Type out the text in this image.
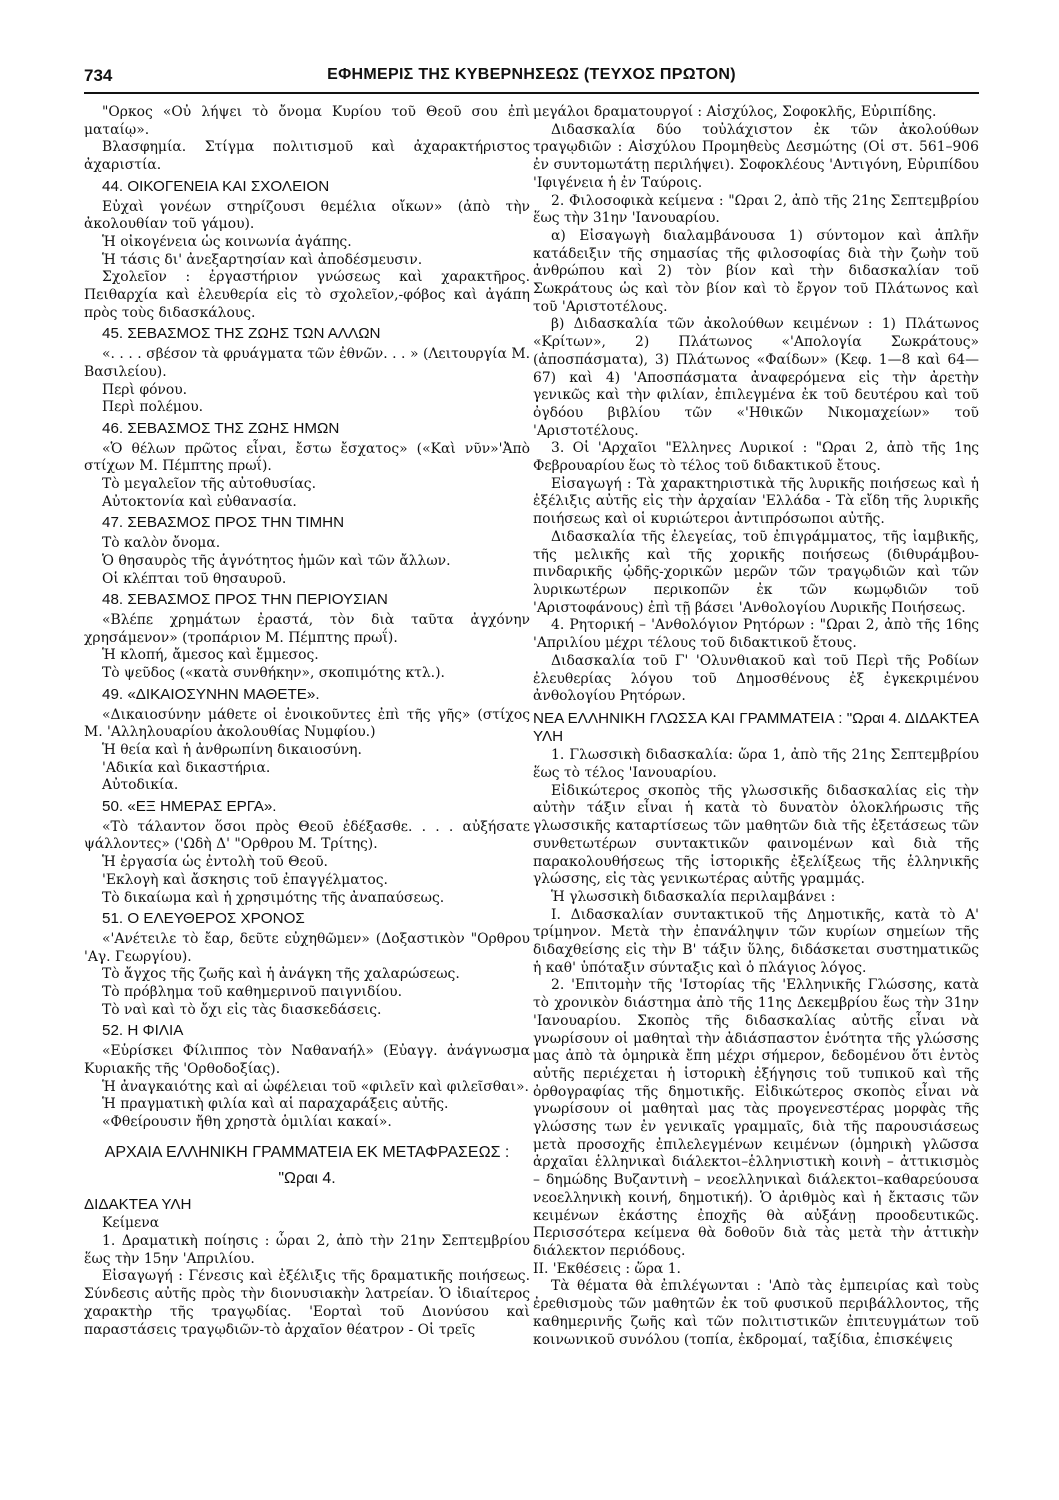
734	ΕΦΗΜΕΡΙΣ ΤΗΣ ΚΥΒΕΡΝΗΣΕΩΣ (ΤΕΥΧΟΣ ΠΡΩΤΟΝ)

"Ορκος «Οὐ λήψει τὸ ὄνομα Κυρίου τοῦ Θεοῦ σου ἐπὶ ματαίῳ».

Βλασφημία. Στίγμα πολιτισμοῦ καὶ ἀχαρακτήριστος ἀχαριστία.

44. ΟΙΚΟΓΕΝΕΙΑ ΚΑΙ ΣΧΟΛΕΙΟΝ

Εὐχαὶ γονέων στηρίζουσι θεμέλια οἴκων» (ἀπὸ τὴν ἀκολουθίαν τοῦ γάμου).

Ἡ οἰκογένεια ὡς κοινωνία ἀγάπης.

Ἡ τάσις δι' ἀνεξαρτησίαν καὶ ἀποδέσμευσιν.

Σχολεῖον : ἐργαστήριον γνώσεως καὶ χαρακτῆρος. Πειθαρχία καὶ ἐλευθερία εἰς τὸ σχολεῖον,-φόβος καὶ ἀγάπη πρὸς τοὺς διδασκάλους.

45. ΣΕΒΑΣΜΟΣ ΤΗΣ ΖΩΗΣ ΤΩΝ ΑΛΛΩΝ

«. . . . σβέσον τὰ φρυάγματα τῶν ἐθνῶν. . . » (Λειτουργία Μ. Βασιλείου).

Περὶ φόνου.

Περὶ πολέμου.

46. ΣΕΒΑΣΜΟΣ ΤΗΣ ΖΩΗΣ ΗΜΩΝ

«Ὁ θέλων πρῶτος εἶναι, ἔστω ἔσχατος» («Καὶ νῦν»'Ἀπὸ στίχων Μ. Πέμπτης πρωΐ).

Τὸ μεγαλεῖον τῆς αὐτοθυσίας.

Αὐτοκτονία καὶ εὐθανασία.

47. ΣΕΒΑΣΜΟΣ ΠΡΟΣ ΤΗΝ ΤΙΜΗΝ

Τὸ καλὸν ὄνομα.

Ὁ θησαυρὸς τῆς ἁγνότητος ἡμῶν καὶ τῶν ἄλλων.

Οἱ κλέπται τοῦ θησαυροῦ.

48. ΣΕΒΑΣΜΟΣ ΠΡΟΣ ΤΗΝ ΠΕΡΙΟΥΣΙΑΝ

«Βλέπε χρημάτων ἐραστά, τὸν διὰ ταῦτα ἀγχόνην χρησάμενον» (τροπάριον Μ. Πέμπτης πρωΐ).

Ἡ κλοπή, ἄμεσος καὶ ἔμμεσος.

Τὸ ψεῦδος («κατὰ συνθήκην», σκοπιμότης κτλ.).

49. «ΔΙΚΑΙΟΣΥΝΗΝ ΜΑΘΕΤΕ».

«Δικαιοσύνην μάθετε οἱ ἐνοικοῦντες ἐπὶ τῆς γῆς» (στίχος Μ. 'Αλληλουαρίου ἀκολουθίας Νυμφίου.)

Ἡ θεία καὶ ἡ ἀνθρωπίνη δικαιοσύνη.

'Αδικία καὶ δικαστήρια.

Αὐτοδικία.

50. «ΕΞ ΗΜΕΡΑΣ ΕΡΓΑ».

«Τὸ τάλαντον ὅσοι πρὸς Θεοῦ ἐδέξασθε. . . . αὐξήσατε ψάλλοντες» ('Ωδὴ Δ' "Ορθρου Μ. Τρίτης).

Ἡ ἐργασία ὡς ἐντολὴ τοῦ Θεοῦ.

'Εκλογὴ καὶ ἄσκησις τοῦ ἐπαγγέλματος.

Τὸ δικαίωμα καὶ ἡ χρησιμότης τῆς ἀναπαύσεως.

51. Ο ΕΛΕΥΘΕΡΟΣ ΧΡΟΝΟΣ

«'Ανέτειλε τὸ ἔαρ, δεῦτε εὐχηθῶμεν» (Δοξαστικὸν "Ορθρου 'Αγ. Γεωργίου).

Τὸ ἄγχος τῆς ζωῆς καὶ ἡ ἀνάγκη τῆς χαλαρώσεως.

Τὸ πρόβλημα τοῦ καθημερινοῦ παιγνιδίου.

Τὸ ναὶ καὶ τὸ ὄχι εἰς τὰς διασκεδάσεις.

52. Η ΦΙΛΙΑ

«Εὑρίσκει Φίλιππος τὸν Ναθαναήλ» (Εὐαγγ. ἀνάγνωσμα Κυριακῆς τῆς 'Ορθοδοξίας).

Ἡ ἀναγκαιότης καὶ αἱ ὠφέλειαι τοῦ «φιλεῖν καὶ φιλεῖσθαι».

Ἡ πραγματικὴ φιλία καὶ αἱ παραχαράξεις αὐτῆς.

«Φθείρουσιν ἤθη χρηστὰ ὁμιλίαι κακαί».

ΑΡΧΑΙΑ ΕΛΛΗΝΙΚΗ ΓΡΑΜΜΑΤΕΙΑ ΕΚ ΜΕΤΑΦΡΑΣΕΩΣ : "Ωραι 4.
ΔΙΔΑΚΤΕΑ ΥΛΗ

Κείμενα

1. Δραματικὴ ποίησις : ὧραι 2, ἀπὸ τὴν 21ην Σεπτεμβρίου ἕως τὴν 15ην 'Απριλίου.

Εἰσαγωγή : Γένεσις καὶ ἐξέλιξις τῆς δραματικῆς ποιήσεως. Σύνδεσις αὐτῆς πρὸς τὴν διονυσιακὴν λατρείαν. Ὁ ἰδιαίτερος χαρακτὴρ τῆς τραγῳδίας. 'Εορταὶ τοῦ Διονύσου καὶ παραστάσεις τραγῳδιῶν-τὸ ἀρχαῖον θέατρον - Οἱ τρεῖς

μεγάλοι δραματουργοί : Αἰσχύλος, Σοφοκλῆς, Εὐριπίδης.

Διδασκαλία δύο τοὐλάχιστον ἐκ τῶν ἀκολούθων τραγῳδιῶν : Αἰσχύλου Προμηθεὺς Δεσμώτης (Οἱ στ. 561–906 ἐν συντομωτάτῃ περιλήψει). Σοφοκλέους 'Αντιγόνη, Εὐριπίδου 'Ιφιγένεια ἡ ἐν Ταύροις.

2. Φιλοσοφικὰ κείμενα : "Ωραι 2, ἀπὸ τῆς 21ης Σεπτεμβρίου ἕως τὴν 31ην 'Ιανουαρίου.

α) Εἰσαγωγὴ διαλαμβάνουσα 1) σύντομον καὶ ἁπλῆν κατάδειξιν τῆς σημασίας τῆς φιλοσοφίας διὰ τὴν ζωὴν τοῦ ἀνθρώπου καὶ 2) τὸν βίον καὶ τὴν διδασκαλίαν τοῦ Σωκράτους ὡς καὶ τὸν βίον καὶ τὸ ἔργον τοῦ Πλάτωνος καὶ τοῦ 'Αριστοτέλους.

β) Διδασκαλία τῶν ἀκολούθων κειμένων : 1) Πλάτωνος «Κρίτων», 2) Πλάτωνος «'Απολογία Σωκράτους» (ἀποσπάσματα), 3) Πλάτωνος «Φαίδων» (Κεφ. 1—8 καὶ 64—67) καὶ 4) 'Αποσπάσματα ἀναφερόμενα εἰς τὴν ἀρετὴν γενικῶς καὶ τὴν φιλίαν, ἐπιλεγμένα ἐκ τοῦ δευτέρου καὶ τοῦ ὀγδόου βιβλίου τῶν «'Ηθικῶν Νικομαχείων» τοῦ 'Αριστοτέλους.

3. Οἱ 'Αρχαῖοι "Ελληνες Λυρικοί : "Ωραι 2, ἀπὸ τῆς 1ης Φεβρουαρίου ἕως τὸ τέλος τοῦ διδακτικοῦ ἔτους.

Εἰσαγωγή : Τὰ χαρακτηριστικὰ τῆς λυρικῆς ποιήσεως καὶ ἡ ἐξέλιξις αὐτῆς εἰς τὴν ἀρχαίαν 'Ελλάδα - Τὰ εἴδη τῆς λυρικῆς ποιήσεως καὶ οἱ κυριώτεροι ἀντιπρόσωποι αὐτῆς.

Διδασκαλία τῆς ἐλεγείας, τοῦ ἐπιγράμματος, τῆς ἰαμβικῆς, τῆς μελικῆς καὶ τῆς χορικῆς ποιήσεως (διθυράμβου-πινδαρικῆς ᾠδῆς-χορικῶν μερῶν τῶν τραγῳδιῶν καὶ τῶν λυρικωτέρων περικοπῶν ἐκ τῶν κωμῳδιῶν τοῦ 'Αριστοφάνους) ἐπὶ τῇ βάσει 'Ανθολογίου Λυρικῆς Ποιήσεως.

4. Ρητορική – 'Ανθολόγιον Ρητόρων : "Ωραι 2, ἀπὸ τῆς 16ης 'Απριλίου μέχρι τέλους τοῦ διδακτικοῦ ἔτους.

Διδασκαλία τοῦ Γ' 'Ολυνθιακοῦ καὶ τοῦ Περὶ τῆς Ροδίων ἐλευθερίας λόγου τοῦ Δημοσθένους ἐξ ἐγκεκριμένου ἀνθολογίου Ρητόρων.

ΝΕΑ ΕΛΛΗΝΙΚΗ ΓΛΩΣΣΑ ΚΑΙ ΓΡΑΜΜΑΤΕΙΑ : "Ωραι 4. ΔΙΔΑΚΤΕΑ ΥΛΗ

1. Γλωσσικὴ διδασκαλία: ὥρα 1, ἀπὸ τῆς 21ης Σεπτεμβρίου ἕως τὸ τέλος 'Ιανουαρίου.

Εἰδικώτερος σκοπὸς τῆς γλωσσικῆς διδασκαλίας εἰς τὴν αὐτὴν τάξιν εἶναι ἡ κατὰ τὸ δυνατὸν ὁλοκλήρωσις τῆς γλωσσικῆς καταρτίσεως τῶν μαθητῶν διὰ τῆς ἐξετάσεως τῶν συνθετωτέρων συντακτικῶν φαινομένων καὶ διὰ τῆς παρακολουθήσεως τῆς ἱστορικῆς ἐξελίξεως τῆς ἑλληνικῆς γλώσσης, εἰς τὰς γενικωτέρας αὐτῆς γραμμάς.

Ἡ γλωσσικὴ διδασκαλία περιλαμβάνει :

I. Διδασκαλίαν συντακτικοῦ τῆς Δημοτικῆς, κατὰ τὸ Α' τρίμηνον. Μετὰ τὴν ἐπανάληψιν τῶν κυρίων σημείων τῆς διδαχθείσης εἰς τὴν Β' τάξιν ὕλης, διδάσκεται συστηματικῶς ἡ καθ' ὑπόταξιν σύνταξις καὶ ὁ πλάγιος λόγος.

2. 'Επιτομὴν τῆς 'Ιστορίας τῆς 'Ελληνικῆς Γλώσσης, κατὰ τὸ χρονικὸν διάστημα ἀπὸ τῆς 11ης Δεκεμβρίου ἕως τὴν 31ην 'Ιανουαρίου. Σκοπὸς τῆς διδασκαλίας αὐτῆς εἶναι νὰ γνωρίσουν οἱ μαθηταὶ τὴν ἀδιάσπαστον ἑνότητα τῆς γλώσσης μας ἀπὸ τὰ ὁμηρικὰ ἔπη μέχρι σήμερον, δεδομένου ὅτι ἐντὸς αὐτῆς περιέχεται ἡ ἱστορικὴ ἐξήγησις τοῦ τυπικοῦ καὶ τῆς ὀρθογραφίας τῆς δημοτικῆς. Εἰδικώτερος σκοπὸς εἶναι νὰ γνωρίσουν οἱ μαθηταὶ μας τὰς προγενεστέρας μορφὰς τῆς γλώσσης των ἐν γενικαῖς γραμμαῖς, διὰ τῆς παρουσιάσεως μετὰ προσοχῆς ἐπιλελεγμένων κειμένων (ὁμηρικὴ γλῶσσα ἀρχαῖαι ἑλληνικαὶ διάλεκτοι–ἑλληνιστικὴ κοινὴ – ἀττικισμὸς – δημώδης Βυζαντινὴ – νεοελληνικαὶ διάλεκτοι–καθαρεύουσα νεοελληνικὴ κοινή, δημοτική). Ὁ ἀριθμὸς καὶ ἡ ἔκτασις τῶν κειμένων ἑκάστης ἐποχῆς θὰ αὐξάνῃ προοδευτικῶς. Περισσότερα κείμενα θὰ δοθοῦν διὰ τὰς μετὰ τὴν ἀττικὴν διάλεκτον περιόδους.

II. 'Εκθέσεις : ὥρα 1.

Τὰ θέματα θὰ ἐπιλέγωνται : 'Απὸ τὰς ἐμπειρίας καὶ τοὺς ἐρεθισμοὺς τῶν μαθητῶν ἐκ τοῦ φυσικοῦ περιβάλλοντος, τῆς καθημερινῆς ζωῆς καὶ τῶν πολιτιστικῶν ἐπιτευγμάτων τοῦ κοινωνικοῦ συνόλου (τοπία, ἐκδρομαί, ταξίδια, ἐπισκέψεις
